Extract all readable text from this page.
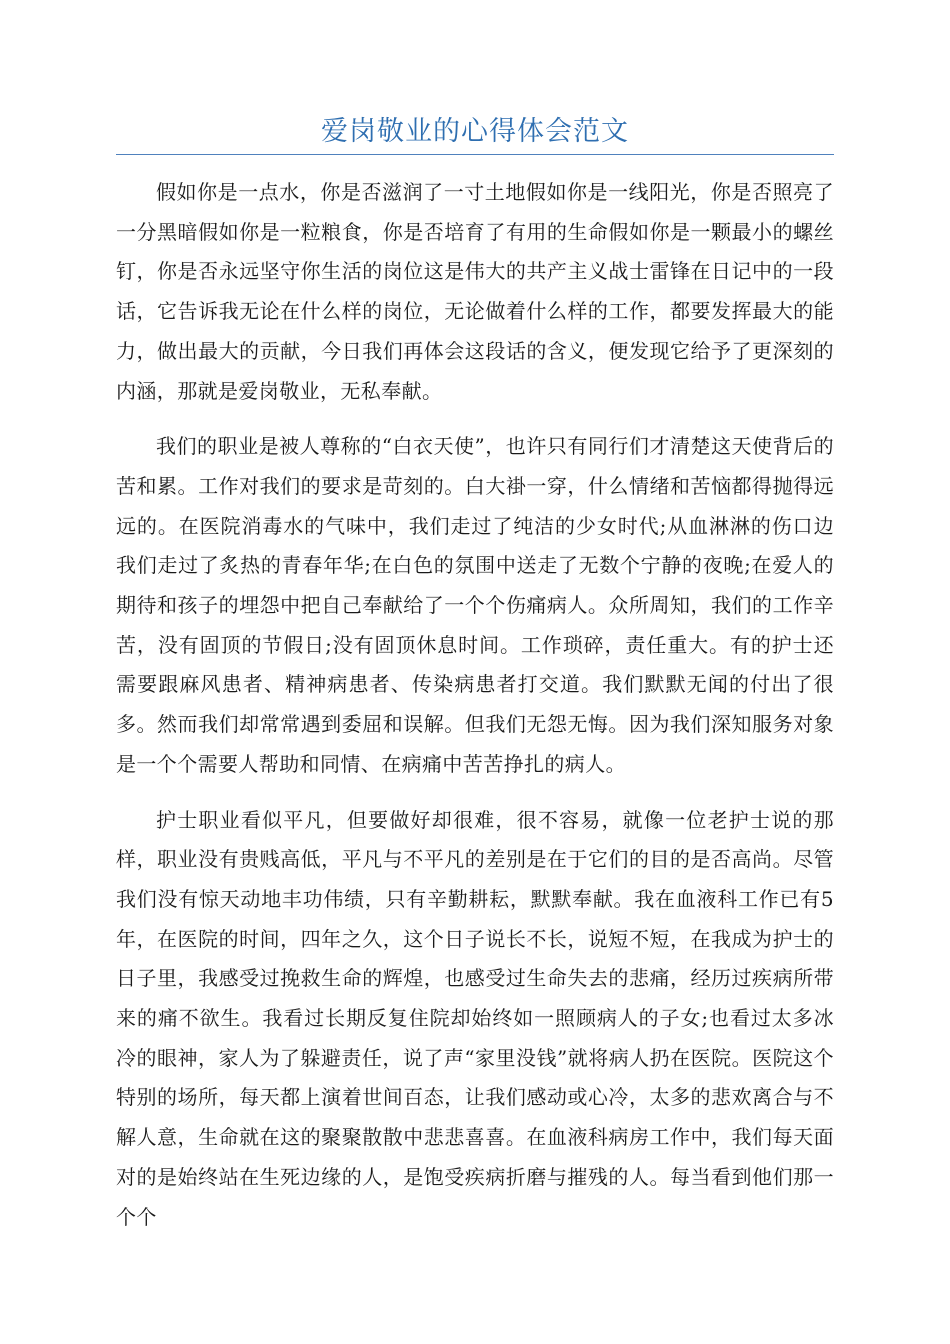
爱岗敬业的心得体会范文

假如你是一点水，你是否滋润了一寸土地假如你是一线阳光，你是否照亮了一分黑暗假如你是一粒粮食，你是否培育了有用的生命假如你是一颗最小的螺丝钉，你是否永远坚守你生活的岗位这是伟大的共产主义战士雷锋在日记中的一段话，它告诉我无论在什么样的岗位，无论做着什么样的工作，都要发挥最大的能力，做出最大的贡献，今日我们再体会这段话的含义，便发现它给予了更深刻的内涵，那就是爱岗敬业，无私奉献。

我们的职业是被人尊称的“白衣天使”，也许只有同行们才清楚这天使背后的苦和累。工作对我们的要求是苛刻的。白大褂一穿，什么情绪和苦恼都得抛得远远的。在医院消毒水的气味中，我们走过了纯洁的少女时代;从血淋淋的伤口边我们走过了炙热的青春年华;在白色的氛围中送走了无数个宁静的夜晚;在爱人的期待和孩子的埋怨中把自己奉献给了一个个伤痛病人。众所周知，我们的工作辛苦，没有固顶的节假日;没有固顶休息时间。工作琐碎，责任重大。有的护士还需要跟麻风患者、精神病患者、传染病患者打交道。我们默默无闻的付出了很多。然而我们却常常遇到委屈和误解。但我们无怨无悔。因为我们深知服务对象是一个个需要人帮助和同情、在病痛中苦苦挣扎的病人。

护士职业看似平凡，但要做好却很难，很不容易，就像一位老护士说的那样，职业没有贵贱高低，平凡与不平凡的差别是在于它们的目的是否高尚。尽管我们没有惊天动地丰功伟绩，只有辛勤耕耘，默默奉献。我在血液科工作已有5年，在医院的时间，四年之久，这个日子说长不长，说短不短，在我成为护士的日子里，我感受过挽救生命的辉煌，也感受过生命失去的悲痛，经历过疾病所带来的痛不欲生。我看过长期反复住院却始终如一照顾病人的子女;也看过太多冰冷的眼神，家人为了躲避责任，说了声“家里没钱”就将病人扔在医院。医院这个特别的场所，每天都上演着世间百态，让我们感动或心冷，太多的悲欢离合与不解人意，生命就在这的聚聚散散中悲悲喜喜。在血液科病房工作中，我们每天面对的是始终站在生死边缘的人，是饱受疾病折磨与摧残的人。每当看到他们那一个个
